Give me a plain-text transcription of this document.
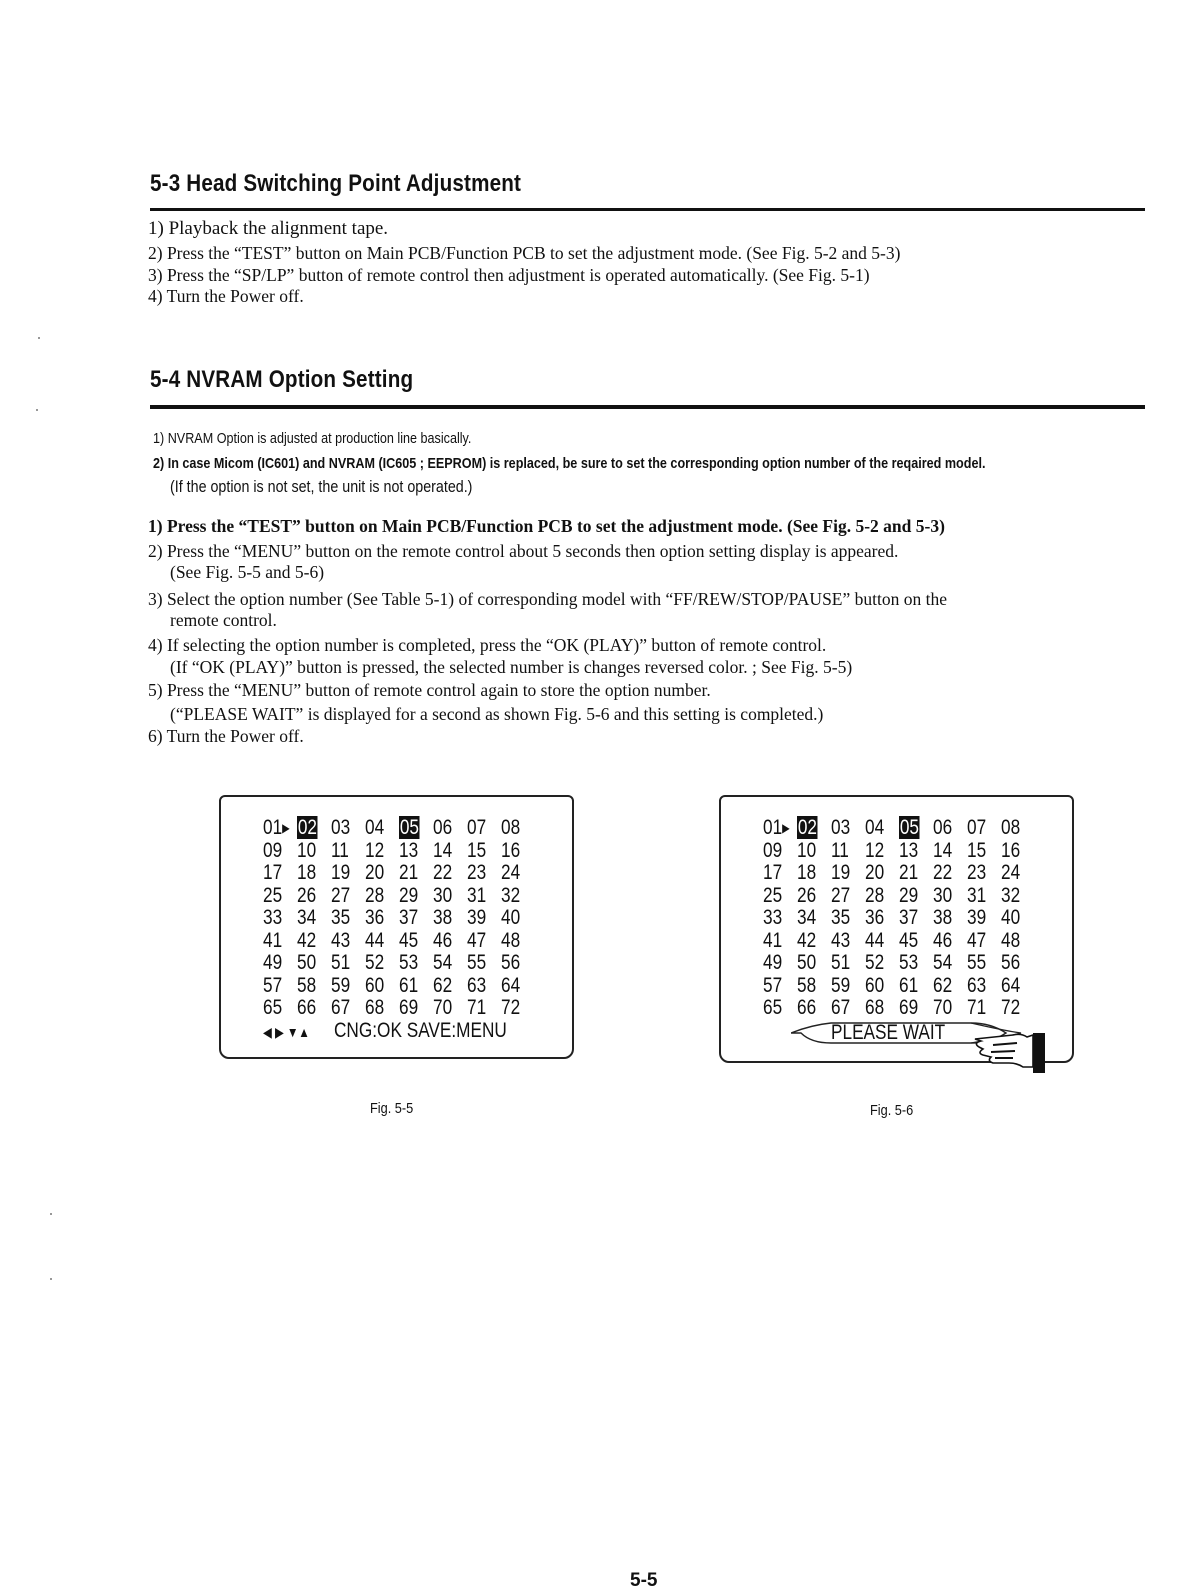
5-3 Head Switching Point Adjustment
1) Playback the alignment tape.
2) Press the “TEST” button on Main PCB/Function PCB to set the adjustment mode. (See Fig. 5-2 and 5-3)
3) Press the “SP/LP” button of remote control then adjustment is operated automatically. (See Fig. 5-1)
4) Turn the Power off.
5-4 NVRAM Option Setting
1) NVRAM Option is adjusted at production line basically.
2) In case Micom (IC601) and NVRAM (IC605 ; EEPROM) is replaced, be sure to set the corresponding option number of the reqaired model.
(If the option is not set, the unit is not operated.)
1) Press the “TEST” button on Main PCB/Function PCB to set the adjustment mode. (See Fig. 5-2 and 5-3)
2) Press the “MENU” button on the remote control about 5 seconds then option setting display is appeared.
(See Fig. 5-5 and 5-6)
3) Select the option number (See Table 5-1) of corresponding model with “FF/REW/STOP/PAUSE” button on the
remote control.
4) If selecting the option number is completed, press the “OK (PLAY)” button of remote control.
(If “OK (PLAY)” button is pressed, the selected number is changes reversed color. ; See Fig. 5-5)
5) Press the “MENU” button of remote control again to store the option number.
(“PLEASE WAIT” is displayed for a second as shown Fig. 5-6 and this setting is completed.)
6) Turn the Power off.
01▶ 02 03 04 05 06 07 08
09 10 11 12 13 14 15 16
17 18 19 20 21 22 23 24
25 26 27 28 29 30 31 32
33 34 35 36 37 38 39 40
41 42 43 44 45 46 47 48
49 50 51 52 53 54 55 56
57 58 59 60 61 62 63 64
65 66 67 68 69 70 71 72
◀ ▶ ▼▲ CNG:OK SAVE:MENU
Fig. 5-5
01▶ 02 03 04 05 06 07 08
09 10 11 12 13 14 15 16
17 18 19 20 21 22 23 24
25 26 27 28 29 30 31 32
33 34 35 36 37 38 39 40
41 42 43 44 45 46 47 48
49 50 51 52 53 54 55 56
57 58 59 60 61 62 63 64
65 66 67 68 69 70 71 72
PLEASE WAIT
Fig. 5-6
5-5
